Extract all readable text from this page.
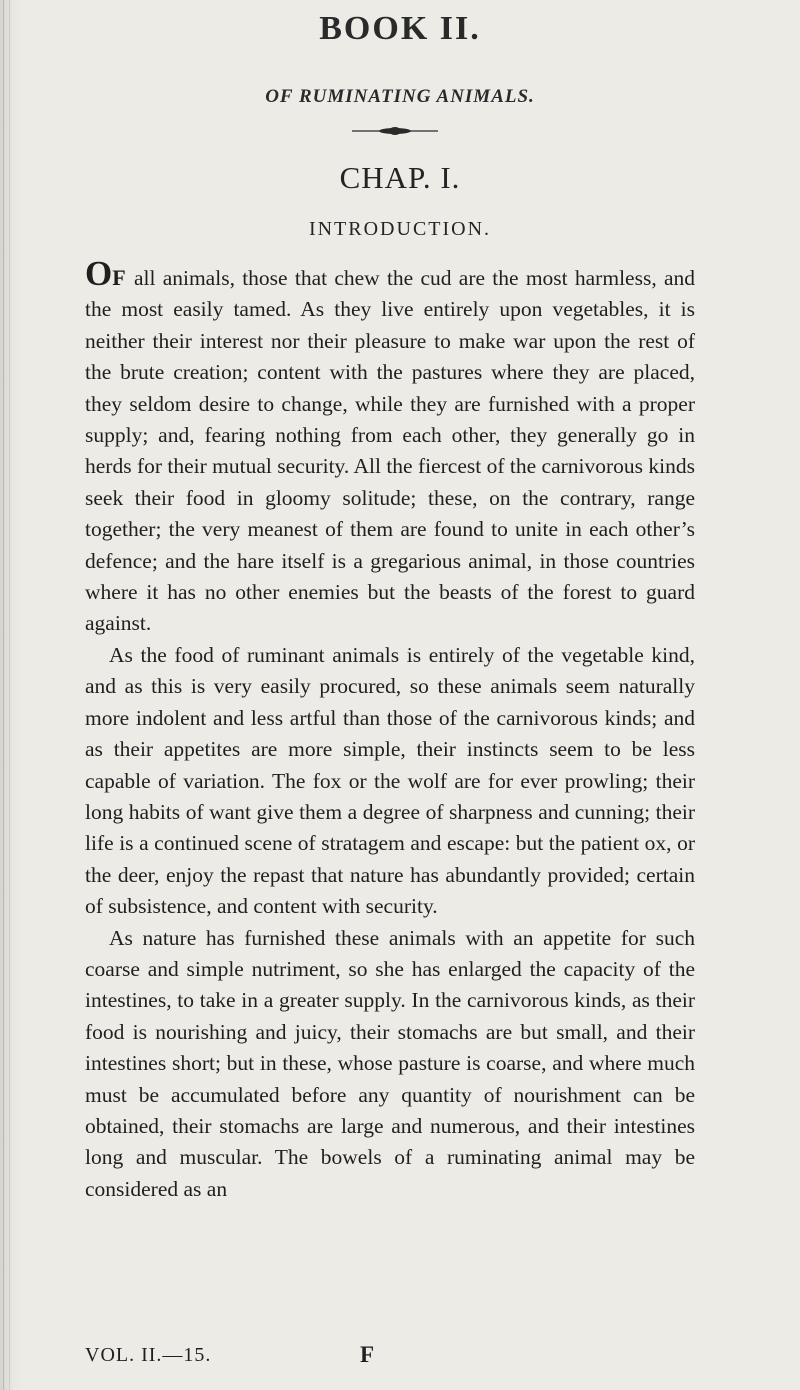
BOOK II.
OF RUMINATING ANIMALS.
CHAP. I.
INTRODUCTION.

OF all animals, those that chew the cud are the most harmless, and the most easily tamed. As they live entirely upon vegetables, it is neither their interest nor their pleasure to make war upon the rest of the brute creation; content with the pastures where they are placed, they seldom desire to change, while they are furnished with a proper supply; and, fearing nothing from each other, they generally go in herds for their mutual security. All the fiercest of the carnivorous kinds seek their food in gloomy solitude; these, on the contrary, range together; the very meanest of them are found to unite in each other’s defence; and the hare itself is a gregarious animal, in those countries where it has no other enemies but the beasts of the forest to guard against.

As the food of ruminant animals is entirely of the vegetable kind, and as this is very easily procured, so these animals seem naturally more indolent and less artful than those of the carnivorous kinds; and as their appetites are more simple, their instincts seem to be less capable of variation. The fox or the wolf are for ever prowling; their long habits of want give them a degree of sharpness and cunning; their life is a continued scene of stratagem and escape: but the patient ox, or the deer, enjoy the repast that nature has abundantly provided; certain of subsistence, and content with security.

As nature has furnished these animals with an appetite for such coarse and simple nutriment, so she has enlarged the capacity of the intestines, to take in a greater supply. In the carnivorous kinds, as their food is nourishing and juicy, their stomachs are but small, and their intestines short; but in these, whose pasture is coarse, and where much must be accumulated before any quantity of nourishment can be obtained, their stomachs are large and numerous, and their intestines long and muscular. The bowels of a ruminating animal may be considered as an

VOL. II.—15.	F
